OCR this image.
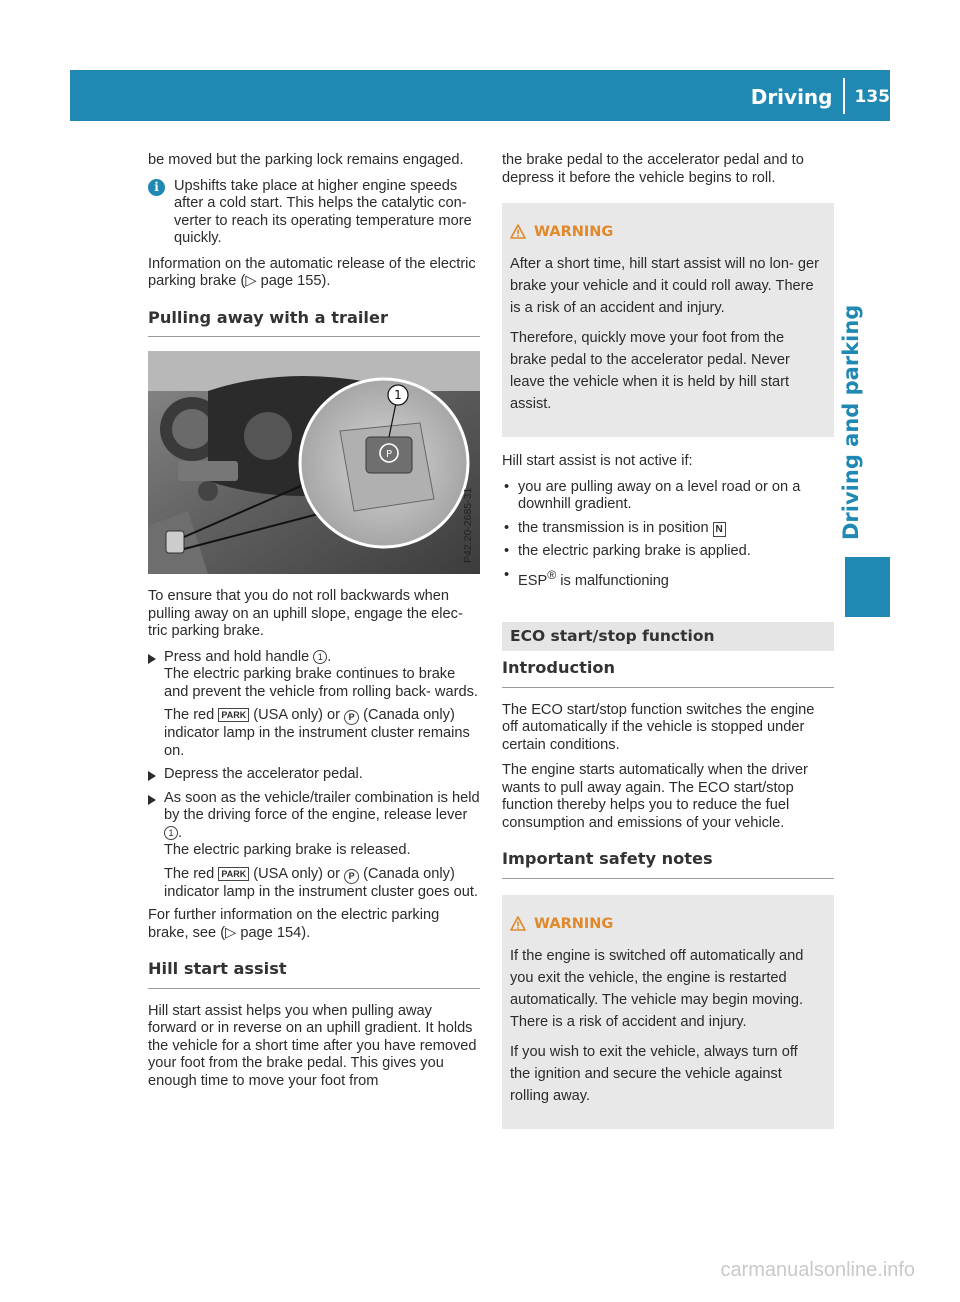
Driving	135
Driving and parking

be moved but the parking lock remains engaged.

i	Upshifts take place at higher engine speeds after a cold start. This helps the catalytic con- verter to reach its operating temperature more quickly.

Information on the automatic release of the electric parking brake (▷ page 155).

Pulling away with a trailer
P
1
P42.20-2685-31

To ensure that you do not roll backwards when pulling away on an uphill slope, engage the elec- tric parking brake.

Press and hold handle 1 .
The electric parking brake continues to brake and prevent the vehicle from rolling back- wards.

The red PARK (USA only) or P (Canada only) indicator lamp in the instrument cluster remains on.

Depress the accelerator pedal.
As soon as the vehicle/trailer combination is held by the driving force of the engine, release lever 1 .
The electric parking brake is released.

The red PARK (USA only) or P (Canada only) indicator lamp in the instrument cluster goes out.

For further information on the electric parking brake, see (▷ page 154).

Hill start assist

Hill start assist helps you when pulling away forward or in reverse on an uphill gradient. It holds the vehicle for a short time after you have removed your foot from the brake pedal. This gives you enough time to move your foot from

the brake pedal to the accelerator pedal and to depress it before the vehicle begins to roll.

WARNING

After a short time, hill start assist will no lon- ger brake your vehicle and it could roll away. There is a risk of an accident and injury.

Therefore, quickly move your foot from the brake pedal to the accelerator pedal. Never leave the vehicle when it is held by hill start assist.

Hill start assist is not active if:

• you are pulling away on a level road or on a downhill gradient.
• the transmission is in position N
• the electric parking brake is applied.
• ESP® is malfunctioning
ECO start/stop function
Introduction

The ECO start/stop function switches the engine off automatically if the vehicle is stopped under certain conditions.

The engine starts automatically when the driver wants to pull away again. The ECO start/stop function thereby helps you to reduce the fuel consumption and emissions of your vehicle.

Important safety notes
WARNING

If the engine is switched off automatically and you exit the vehicle, the engine is restarted automatically. The vehicle may begin moving. There is a risk of accident and injury.

If you wish to exit the vehicle, always turn off the ignition and secure the vehicle against rolling away.

carmanualsonline.info
